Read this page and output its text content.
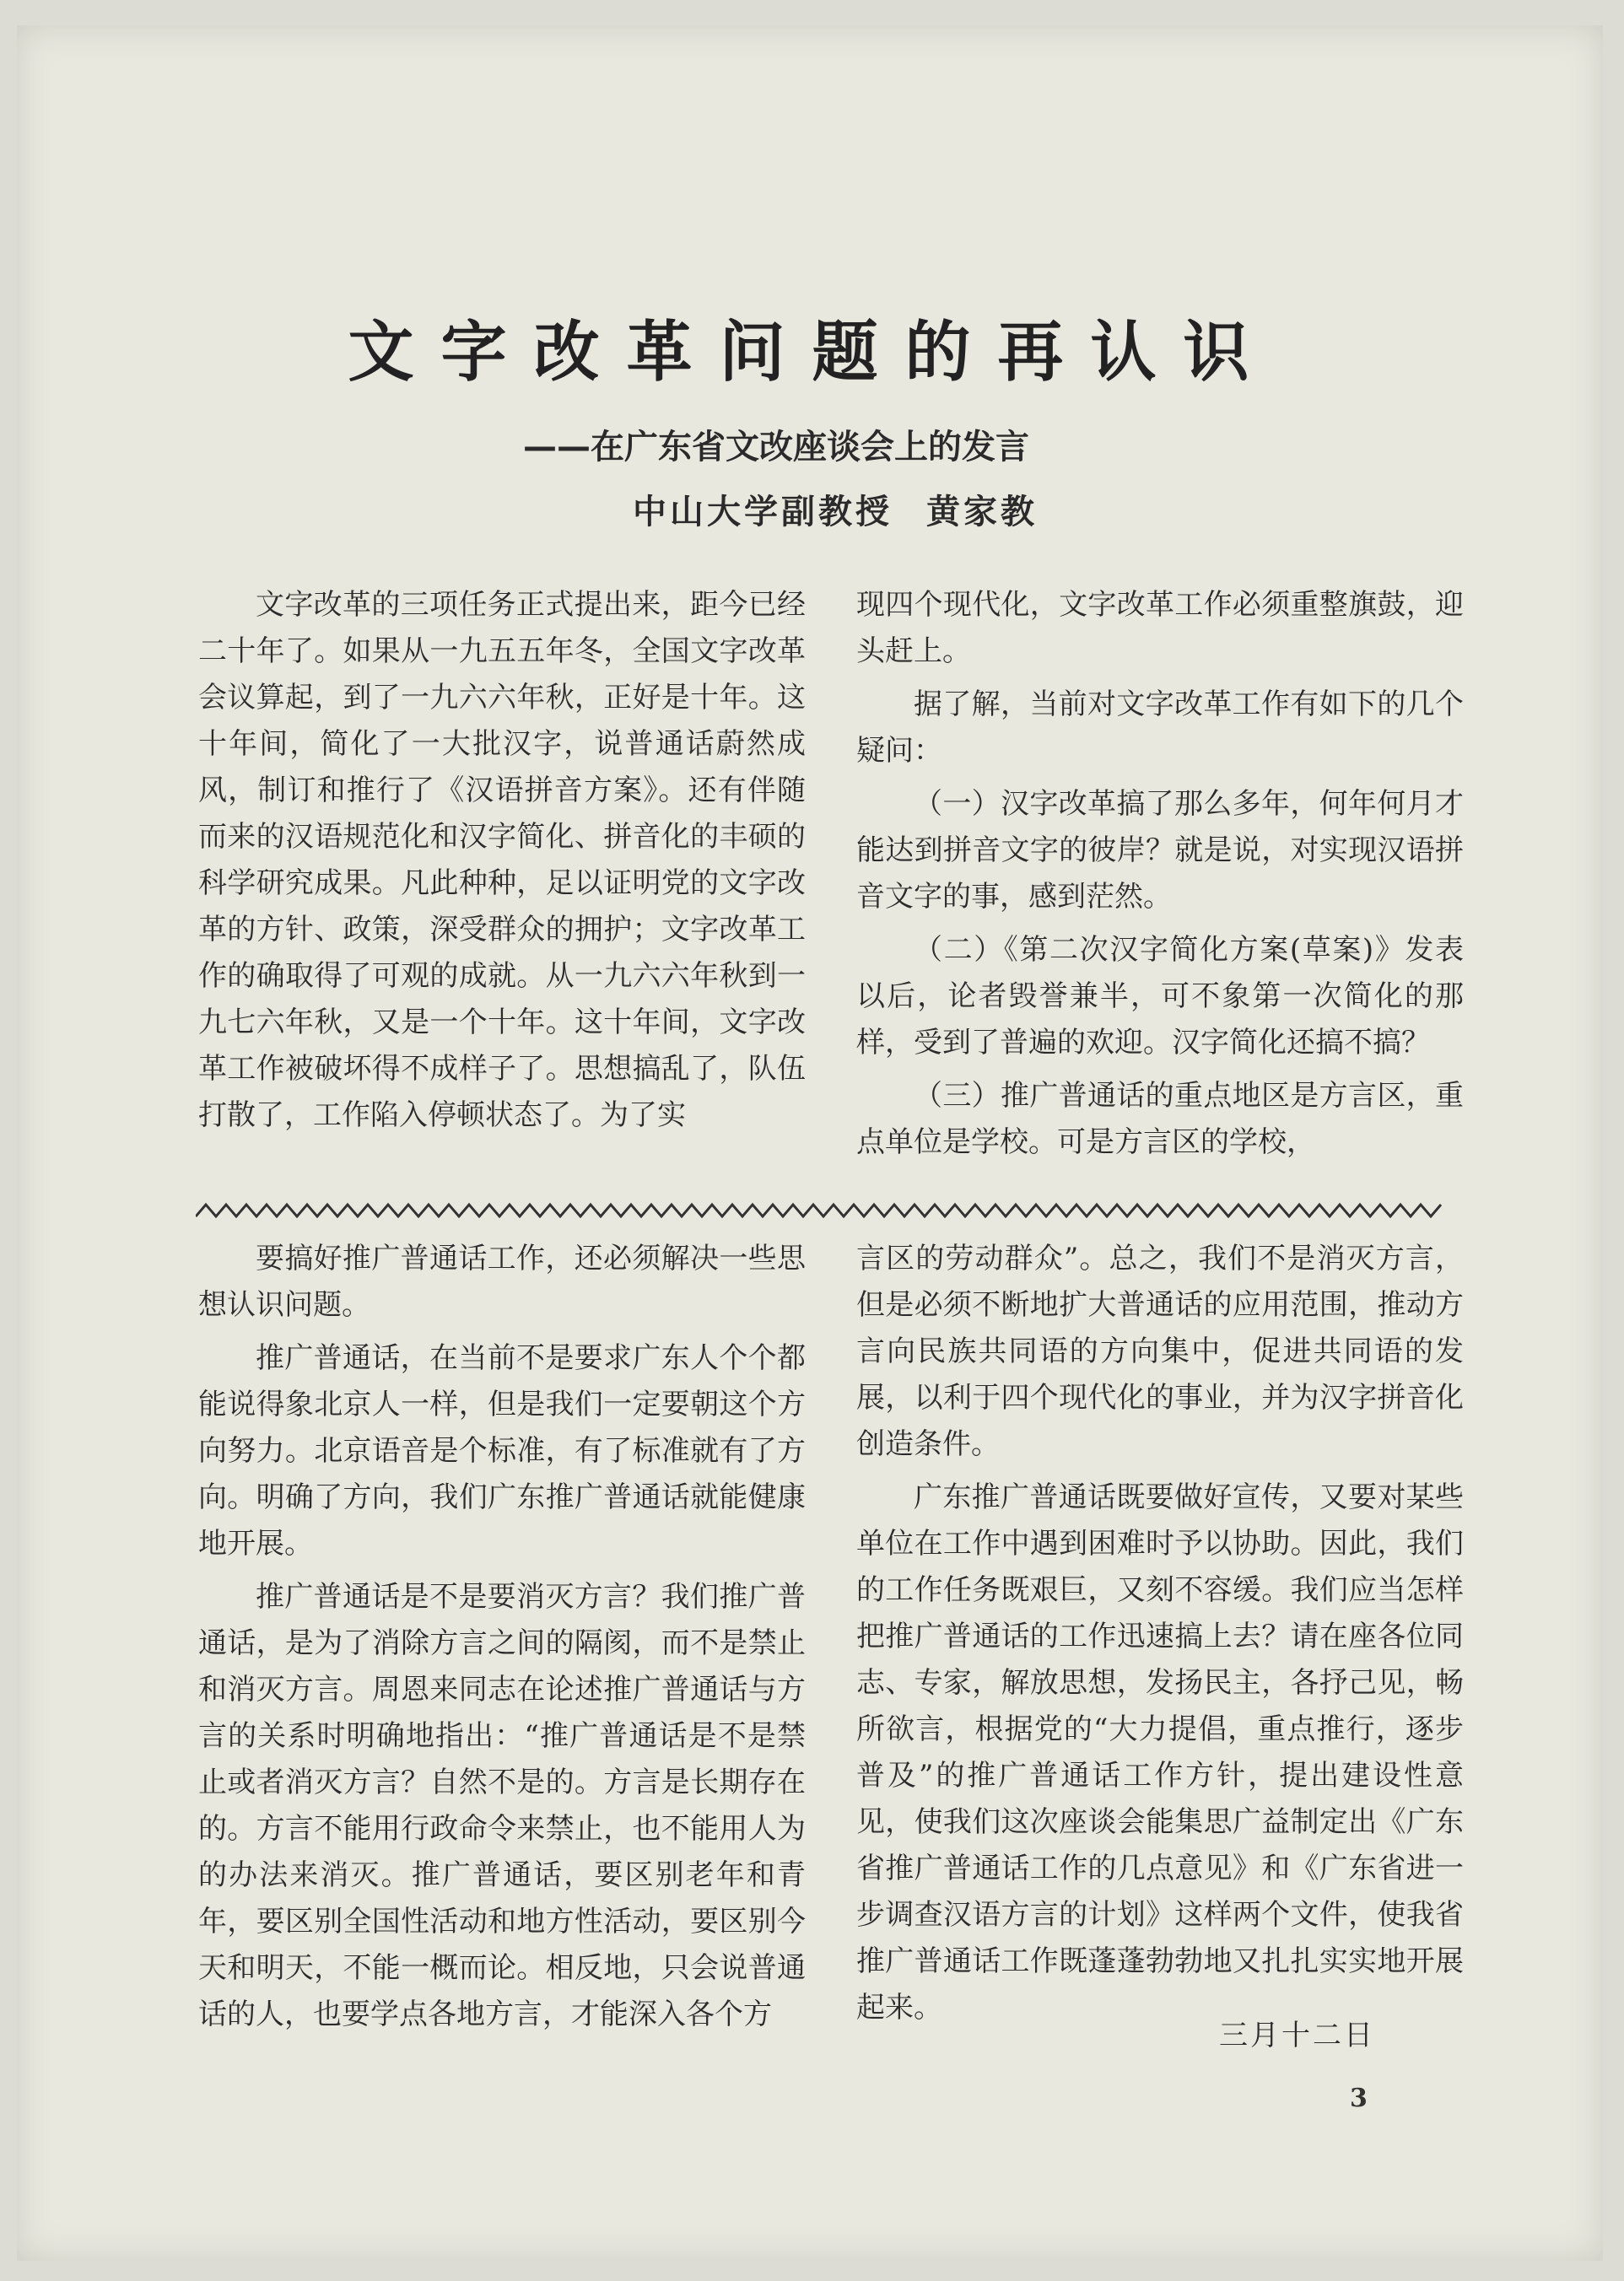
文字改革问题的再认识
——在广东省文改座谈会上的发言
中山大学副教授 黄家教

文字改革的三项任务正式提出来，距今已经二十年了。如果从一九五五年冬，全国文字改革会议算起，到了一九六六年秋，正好是十年。这十年间，简化了一大批汉字，说普通话蔚然成风，制订和推行了《汉语拼音方案》。还有伴随而来的汉语规范化和汉字简化、拼音化的丰硕的科学研究成果。凡此种种，足以证明党的文字改革的方针、政策，深受群众的拥护；文字改革工作的确取得了可观的成就。从一九六六年秋到一九七六年秋，又是一个十年。这十年间，文字改革工作被破坏得不成样子了。思想搞乱了，队伍打散了，工作陷入停顿状态了。为了实

现四个现代化，文字改革工作必须重整旗鼓，迎头赶上。

据了解，当前对文字改革工作有如下的几个疑问：

（一）汉字改革搞了那么多年，何年何月才能达到拼音文字的彼岸？就是说，对实现汉语拼音文字的事，感到茫然。

（二）《第二次汉字简化方案(草案)》发表以后，论者毁誉兼半，可不象第一次简化的那样，受到了普遍的欢迎。汉字简化还搞不搞？

（三）推广普通话的重点地区是方言区，重点单位是学校。可是方言区的学校，

要搞好推广普通话工作，还必须解决一些思想认识问题。

推广普通话，在当前不是要求广东人个个都能说得象北京人一样，但是我们一定要朝这个方向努力。北京语音是个标准，有了标准就有了方向。明确了方向，我们广东推广普通话就能健康地开展。

推广普通话是不是要消灭方言？我们推广普通话，是为了消除方言之间的隔阂，而不是禁止和消灭方言。周恩来同志在论述推广普通话与方言的关系时明确地指出：“推广普通话是不是禁止或者消灭方言？自然不是的。方言是长期存在的。方言不能用行政命令来禁止，也不能用人为的办法来消灭。推广普通话，要区别老年和青年，要区别全国性活动和地方性活动，要区别今天和明天，不能一概而论。相反地，只会说普通话的人，也要学点各地方言，才能深入各个方

言区的劳动群众”。总之，我们不是消灭方言，但是必须不断地扩大普通话的应用范围，推动方言向民族共同语的方向集中，促进共同语的发展，以利于四个现代化的事业，并为汉字拼音化创造条件。

广东推广普通话既要做好宣传，又要对某些单位在工作中遇到困难时予以协助。因此，我们的工作任务既艰巨，又刻不容缓。我们应当怎样把推广普通话的工作迅速搞上去？请在座各位同志、专家，解放思想，发扬民主，各抒己见，畅所欲言，根据党的“大力提倡，重点推行，逐步普及”的推广普通话工作方针，提出建设性意见，使我们这次座谈会能集思广益制定出《广东省推广普通话工作的几点意见》和《广东省进一步调查汉语方言的计划》这样两个文件，使我省推广普通话工作既蓬蓬勃勃地又扎扎实实地开展起来。

三月十二日
3
